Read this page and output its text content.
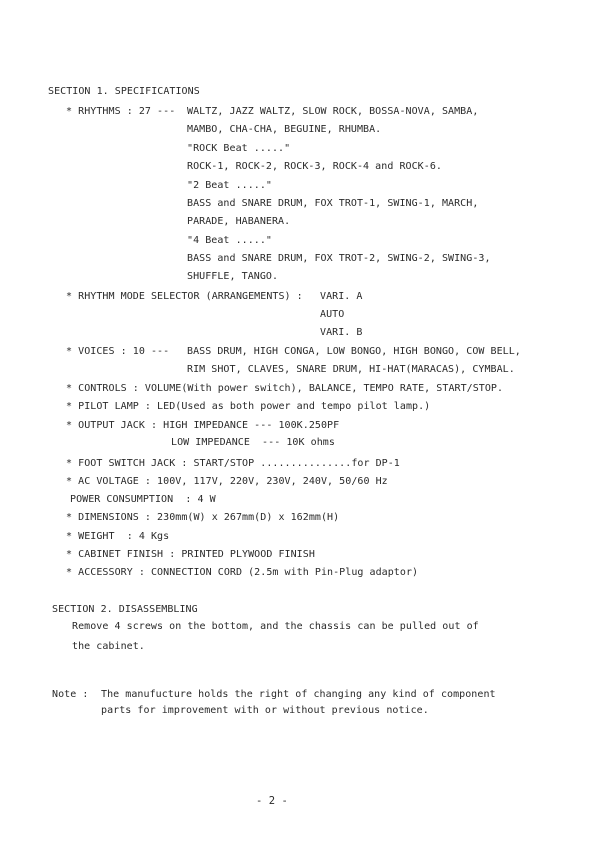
SECTION 1. SPECIFICATIONS
* RHYTHMS : 27 --- WALTZ, JAZZ WALTZ, SLOW ROCK, BOSSA-NOVA, SAMBA,
MAMBO, CHA-CHA, BEGUINE, RHUMBA.
"ROCK Beat ....."
ROCK-1, ROCK-2, ROCK-3, ROCK-4 and ROCK-6.
"2 Beat ....."
BASS and SNARE DRUM, FOX TROT-1, SWING-1, MARCH,
PARADE, HABANERA.
"4 Beat ....."
BASS and SNARE DRUM, FOX TROT-2, SWING-2, SWING-3,
SHUFFLE, TANGO.
* RHYTHM MODE SELECTOR (ARRANGEMENTS) : VARI. A
AUTO
VARI. B
* VOICES : 10 --- BASS DRUM, HIGH CONGA, LOW BONGO, HIGH BONGO, COW BELL,
RIM SHOT, CLAVES, SNARE DRUM, HI-HAT(MARACAS), CYMBAL.
* CONTROLS : VOLUME(With power switch), BALANCE, TEMPO RATE, START/STOP.
* PILOT LAMP : LED(Used as both power and tempo pilot lamp.)
* OUTPUT JACK : HIGH IMPEDANCE --- 100K.250PF
LOW IMPEDANCE  --- 10K ohms
* FOOT SWITCH JACK : START/STOP ...............for DP-1
* AC VOLTAGE : 100V, 117V, 220V, 230V, 240V, 50/60 Hz
POWER CONSUMPTION  : 4 W
* DIMENSIONS : 230mm(W) x 267mm(D) x 162mm(H)
* WEIGHT  : 4 Kgs
* CABINET FINISH : PRINTED PLYWOOD FINISH
* ACCESSORY : CONNECTION CORD (2.5m with Pin-Plug adaptor)
SECTION 2. DISASSEMBLING
Remove 4 screws on the bottom, and the chassis can be pulled out of
the cabinet.
Note : The manufucture holds the right of changing any kind of component
parts for improvement with or without previous notice.
- 2 -
